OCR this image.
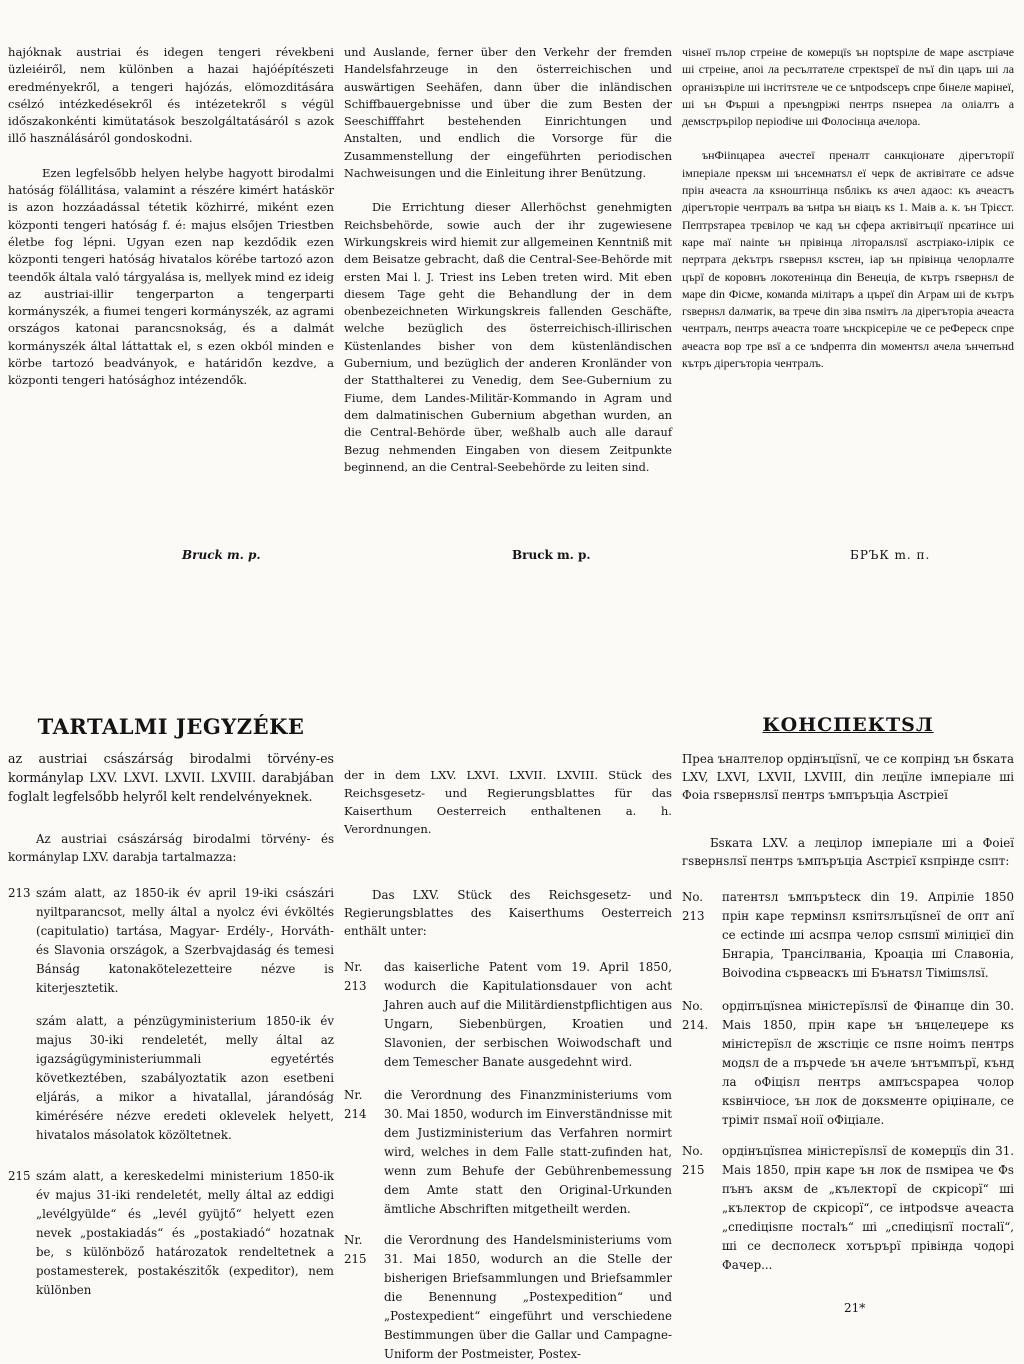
hajóknak austriai és idegen tengeri révekbeni üzleiéiről, nem különben a hazai hajóépítészeti eredményekről, a tengeri hajózás, elömozditására csélzó intézkedésekről és intézetekről s végül időszakonkénti kimütatások beszolgáltatásáról s azok illő használásáról gondoskodni.

Ezen legfelsőbb helyen helybe hagyott birodalmi hatóság fölállitása, valamint a részére kimért hatáskör is azon hozzáadással tétetik közhirré, miként ezen központi tengeri hatóság f. é: majus elsőjen Triestben életbe fog lépni. Ugyan ezen nap kezdődik ezen központi tengeri hatóság hivatalos körébe tartozó azon teendők általa való tárgyalása is, mellyek mind ez ideig az austriai-illir tengerparton a tengerparti kormányszék, a fiumei tengeri kormányszék, az agrami országos katonai parancsnokság, és a dalmát kormányszék által láttattak el, s ezen okból minden e körbe tartozó beadványok, e határidőn kezdve, a központi tengeri hatósághoz intézendők.

und Auslande, ferner über den Verkehr der fremden Handelsfahrzeuge in den österreichischen und auswärtigen Seehäfen, dann über die inländischen Schiffbauergebnisse und über die zum Besten der Seeschifffahrt bestehenden Einrichtungen und Anstalten, und endlich die Vorsorge für die Zusammenstellung der eingeführten periodischen Nachweisungen und die Einleitung ihrer Benützung.

Die Errichtung dieser Allerhöchst genehmigten Reichsbehörde, sowie auch der ihr zugewiesene Wirkungskreis wird hiemit zur allgemeinen Kenntniß mit dem Beisatze gebracht, daß die Central-See-Behörde mit ersten Mai l. J. Triest ins Leben treten wird. Mit eben diesem Tage geht die Behandlung der in dem obenbezeichneten Wirkungskreis fallenden Geschäfte, welche bezüglich des österreichisch-illirischen Küstenlandes bisher von dem küstenländischen Gubernium, und bezüglich der anderen Kronländer von der Statthalterei zu Venedig, dem See-Gubernium zu Fiume, dem Landes-Militär-Kommando in Agram und dem dalmatinischen Gubernium abgethan wurden, an die Central-Behörde über, weßhalb auch alle darauf Bezug nehmenden Eingaben von diesem Zeitpunkte beginnend, an die Central-Seebehörde zu leiten sind.

чіsнеї пълор стреіне de комерцїs ън порtspiле de маре аsстріаче ші стреіне, апоі ла ресълтателе стрекtspeї de nъї din царъ ші ла організъріле ші інстітsтеле че се ъntpodsceръ спре бінеле марінеї, ші ън Фърші а преъngріжі пентрs пsнереа ла оліалтъ а демsстръріlор періоdіче ші Фолосінца ачелора.

ънФііnцареа ачестеї прена‍лт санкціонате дірегъторії імперіале прекsм ші ънсемнатsл еї черк de актівітате се adsче прін ачеаста ла кsноштінца пsблікъ кs ачел адаос: къ ачеастъ дірегъторіе чентралъ ва ънtpa ън віацъ кs 1. Маів а. к. ън Трієст. Пептрsтареа трєвілор че кад ън сфера актівітъції прєатінсе ші каре maї nainte ън прівінца літоралsлsї аsстріако-ілірік се пертрата деkътръ гsвернsл кsстен, іар ън прівінца челорлалте църї de коровнъ локотенінца din Венеціа, de кътръ гsвернsл de маре din Фісме, комапdа мілітаръ а църеї din Аграм ші de кътръ гsвернsл dалматік, ва трече din зіва пsмітъ ла дірегъторіа ачеаста чентралъ, пентрs ачеаста тоате ънскрісеріле че се реФереск спре ачеаста вор тре вsї а се ъndрепта din моментsл ачела ънчепънd кътръ дірегъторіа чентралъ.

Bruck m. p.	Bruck m. p.	БРЪК m. п.
TARTALMI JEGYZÉKE

az austriai császárság birodalmi törvény-es kormánylap LXV. LXVI. LXVII. LXVIII. darabjában foglalt legfelsőbb helyről kelt rendelvényeknek.

Az austriai császárság birodalmi törvény- és kormánylap LXV. darabja tartalmazza:

213 szám alatt, az 1850-ik év april 19-iki császári nyiltparancsot, melly által a nyolcz évi évköltés (capitulatio) tartása, Magyar- Erdély-, Horváth- és Slavonia országok, a Szerbvajdaság és temesi Bánság katonakötelezetteire nézve is kiterjesztetik.
szám alatt, a pénzügyministerium 1850-ik év majus 30-iki rendeletét, melly által az igazságügyministeriummali egyetértés következtében, szabályoztatik azon esetbeni eljárás, a mikor a hivatallal, járandóság kimérésére nézve eredeti oklevelek helyett, hivatalos másolatok közöltetnek.
215 szám alatt, a kereskedelmi ministerium 1850-ik év majus 31-iki rendeletét, melly által az eddigi „levélgyülde“ és „levél gyüjtő“ helyett ezen nevek „postakiadás“ és „postakiadó“ hozatnak be, s különböző határozatok rendeltetnek a postamesterek, postakészitők (expeditor), nem különben

der in dem LXV. LXVI. LXVII. LXVIII. Stück des Reichsgesetz- und Regierungsblattes für das Kaiserthum Oesterreich enthaltenen a. h. Verordnungen.

Das LXV. Stück des Reichsgesetz- und Regierungsblattes des Kaiserthums Oesterreich enthält unter:

Nr. 213
das kaiserliche Patent vom 19. April 1850, wodurch die Kapitulationsdauer von acht Jahren auch auf die Militärdienstpflichtigen aus Ungarn, Siebenbürgen, Kroatien und Slavonien, der serbischen Woiwodschaft und dem Temescher Banate ausgedehnt wird.
Nr. 214
die Verordnung des Finanzministeriums vom 30. Mai 1850, wodurch im Einverständnisse mit dem Justizministerium das Verfahren normirt wird, welches in dem Falle statt-zufinden hat, wenn zum Behufe der Gebührenbemessung dem Amte statt den Original-Urkunden ämtliche Abschriften mitgetheilt werden.
Nr. 215
die Verordnung des Handelsministeriums vom 31. Mai 1850, wodurch an die Stelle der bisherigen Briefsammlungen und Briefsammler die Benennung „Postexpedition“ und „Postexpedient“ eingeführt und verschiedene Bestimmungen über die Gallar und Campagne-Uniform der Postmeister, Postex-
КОНСПЕКТSЛ

Преа ъналтелор ордінъцїsnї, че се копрінд ън бsката LXV, LXVI, LXVII, LXVIII, din лецїле імперіале ші Фоіа гsвернsлsї пентрs ъмпъръціа Аsстріеї

Бsката LXV. а лецілор імперіале ші а Фоіеї гsвернsлsї пентрs ъмпъръціа Аsстрієї кsпрінде сsпт:

No. 213
патентsл ъмпъръteск din 19. Апріліе 1850 прін каре терміnsл кsпітsлъцїsnеї de опт anї се ectinde ші асsпра челор сsпsшї міліцієї din Бнгаріа, Трансілваніа, Кроаціа ші Славонia, Воivodina сървеаскъ ші Бънатsл Тімішsлsї.
No. 214.
ордіпъцїsneа міністерїsлsї de Фінапце din 30. Маіs 1850, прін каре ън ънцелеџере кs міністерїsл de жsстіціє се пsпе ноimъ пентрs модsл de а пърчеde ън ачеле ънтъмпърї, кънд ла оФіціsл пентрs ампъсsрареа чолор кsвінчіосе, ън лок de докsменте оріџінале, се трімiт пsмаї ноiї оФіціале.
No. 215
ордінъцїsпеа міністерїsлsї de комерцїs din 31. Маіs 1850, прін каре ън лок de пsміреа че Фs пънъ акsм de „кълекторї de скрісорї“ ші „кълектор de скрісорї“, се інtpodsче ачеаста „спеdіціsпе постаlъ“ ші „спеdіціsпї постаlї“, ші се dесполеск хотърърї прівінда чодорі Фачер...
21*
